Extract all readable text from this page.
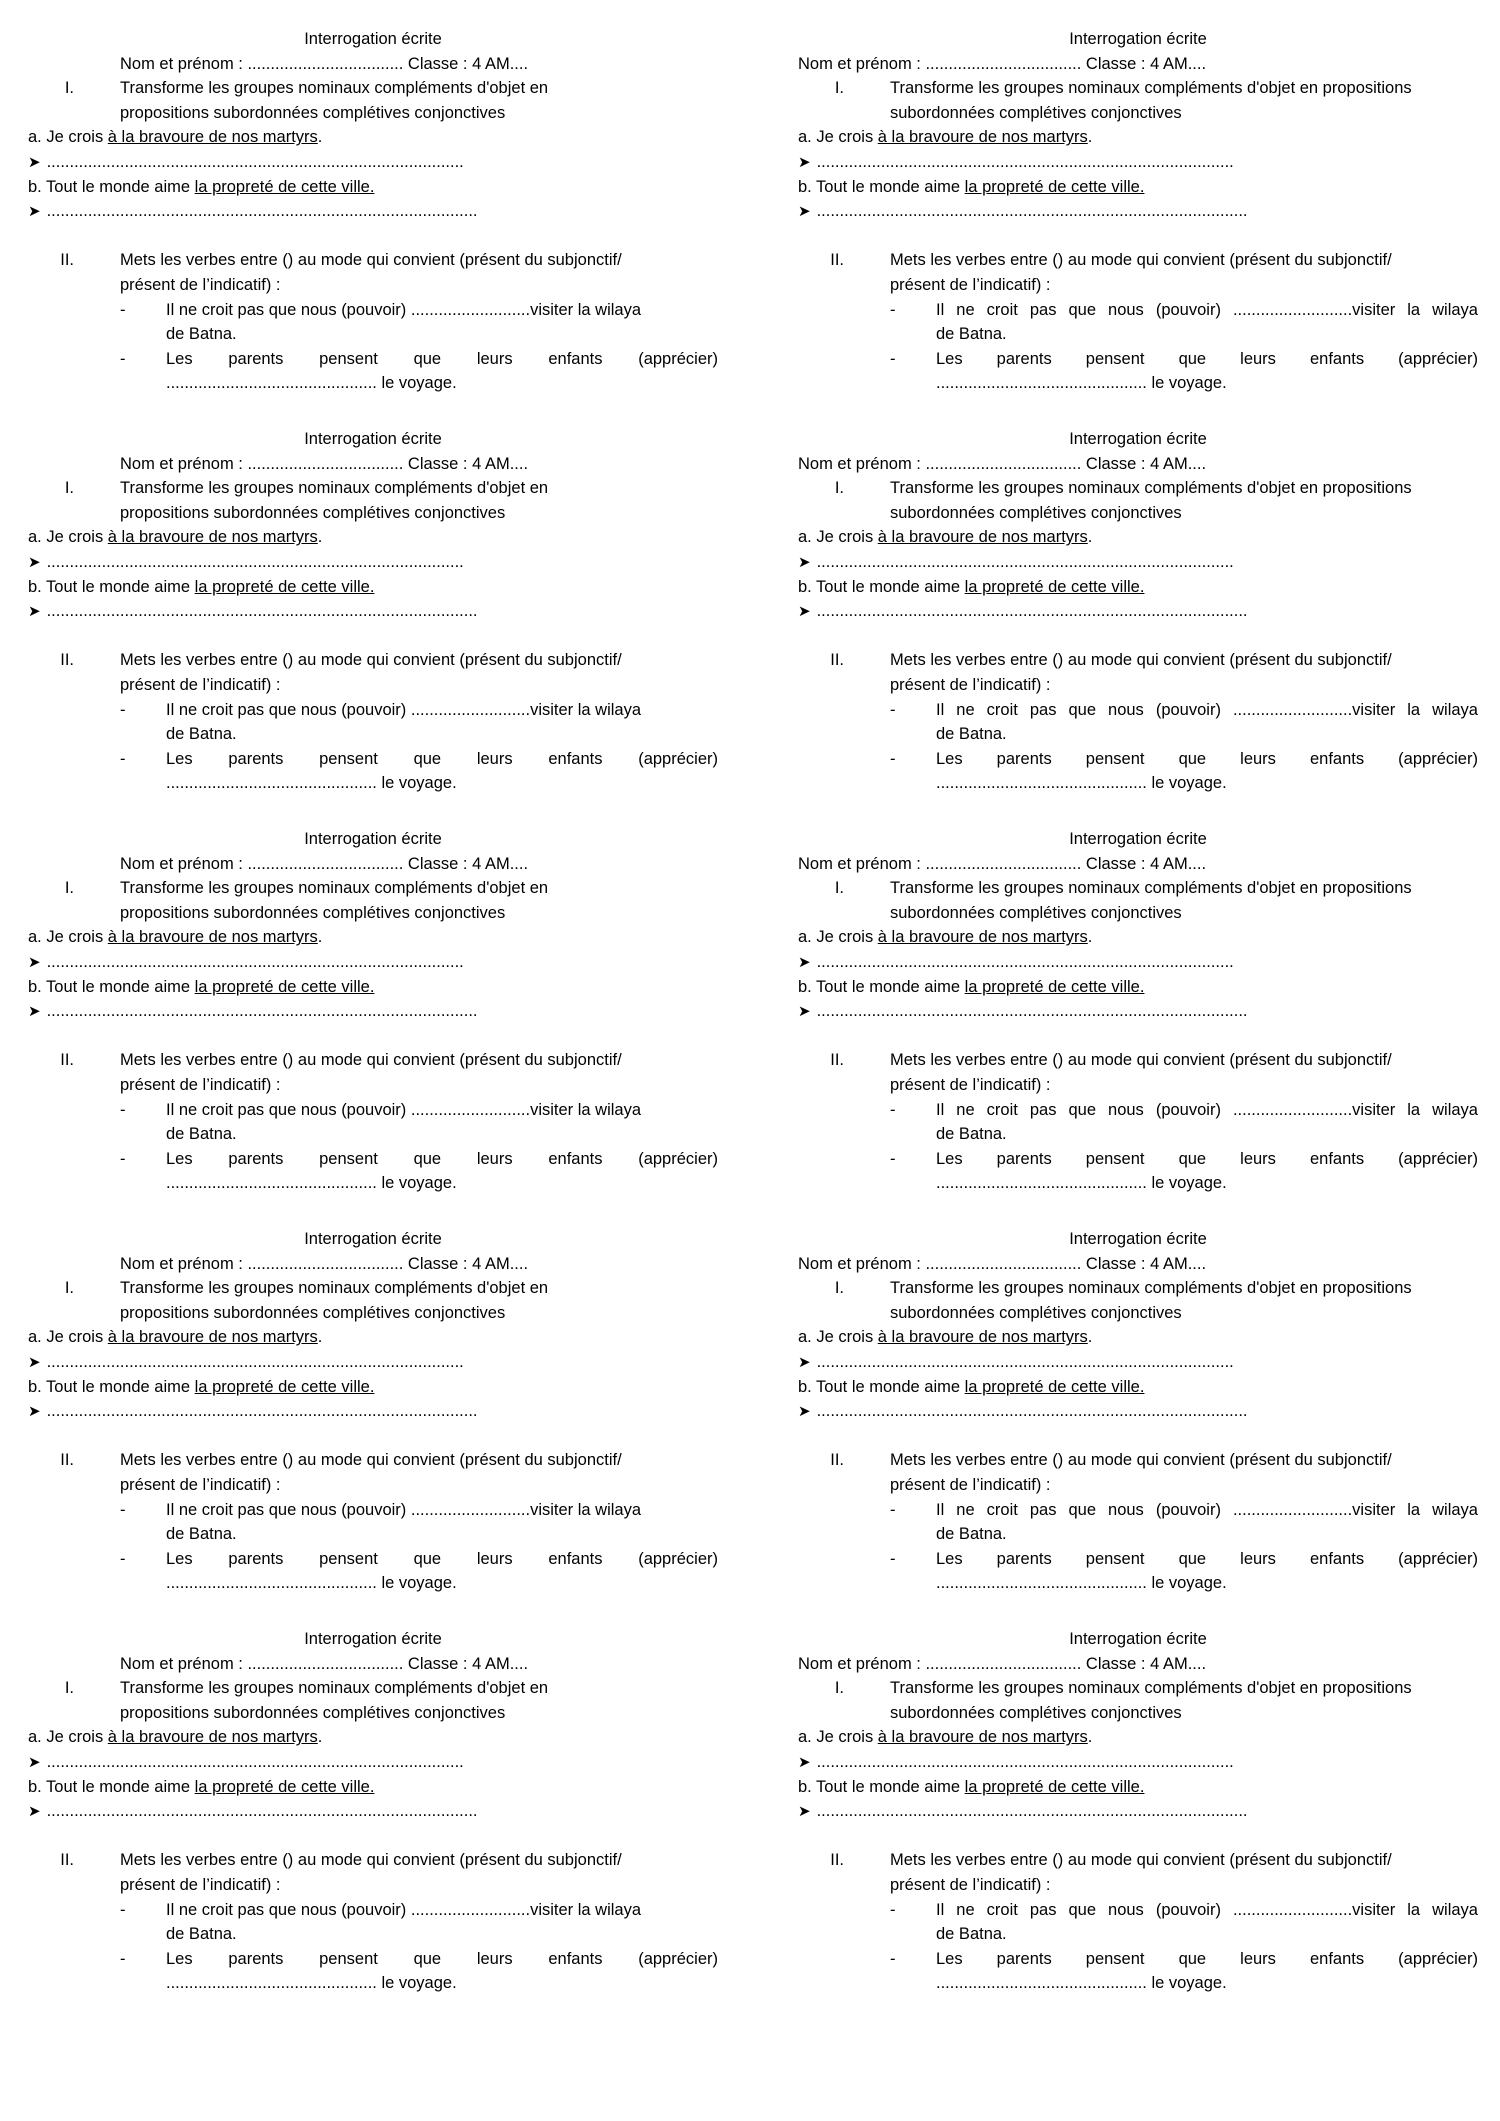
Interrogation écrite
Nom et prénom : .................................. Classe : 4 AM....
I.	Transforme les groupes nominaux compléments d'objet en
propositions subordonnées complétives conjonctives
a. Je crois à la bravoure de nos martyrs.
➤ ...........................................................................................
b. Tout le monde aime la propreté de cette ville.
➤ ..............................................................................................
II.	Mets les verbes entre () au mode qui convient (présent du subjonctif/
présent de l’indicatif) :
- Il ne croit pas que nous (pouvoir) ..........................visiter la wilaya
de Batna.
- Les parents pensent que leurs enfants (apprécier)
.............................................. le voyage.
Interrogation écrite
Nom et prénom : .................................. Classe : 4 AM....
I.	Transforme les groupes nominaux compléments d'objet en
propositions subordonnées complétives conjonctives
a. Je crois à la bravoure de nos martyrs.
➤ ...........................................................................................
b. Tout le monde aime la propreté de cette ville.
➤ ..............................................................................................
II.	Mets les verbes entre () au mode qui convient (présent du subjonctif/
présent de l’indicatif) :
- Il ne croit pas que nous (pouvoir) ..........................visiter la wilaya
de Batna.
- Les parents pensent que leurs enfants (apprécier)
.............................................. le voyage.
Interrogation écrite
Nom et prénom : .................................. Classe : 4 AM....
I.	Transforme les groupes nominaux compléments d'objet en
propositions subordonnées complétives conjonctives
a. Je crois à la bravoure de nos martyrs.
➤ ...........................................................................................
b. Tout le monde aime la propreté de cette ville.
➤ ..............................................................................................
II.	Mets les verbes entre () au mode qui convient (présent du subjonctif/
présent de l’indicatif) :
- Il ne croit pas que nous (pouvoir) ..........................visiter la wilaya
de Batna.
- Les parents pensent que leurs enfants (apprécier)
.............................................. le voyage.
Interrogation écrite
Nom et prénom : .................................. Classe : 4 AM....
I.	Transforme les groupes nominaux compléments d'objet en
propositions subordonnées complétives conjonctives
a. Je crois à la bravoure de nos martyrs.
➤ ...........................................................................................
b. Tout le monde aime la propreté de cette ville.
➤ ..............................................................................................
II.	Mets les verbes entre () au mode qui convient (présent du subjonctif/
présent de l’indicatif) :
- Il ne croit pas que nous (pouvoir) ..........................visiter la wilaya
de Batna.
- Les parents pensent que leurs enfants (apprécier)
.............................................. le voyage.
Interrogation écrite
Nom et prénom : .................................. Classe : 4 AM....
I.	Transforme les groupes nominaux compléments d'objet en
propositions subordonnées complétives conjonctives
a. Je crois à la bravoure de nos martyrs.
➤ ...........................................................................................
b. Tout le monde aime la propreté de cette ville.
➤ ..............................................................................................
II.	Mets les verbes entre () au mode qui convient (présent du subjonctif/
présent de l’indicatif) :
- Il ne croit pas que nous (pouvoir) ..........................visiter la wilaya
de Batna.
- Les parents pensent que leurs enfants (apprécier)
.............................................. le voyage.
Interrogation écrite
Nom et prénom : .................................. Classe : 4 AM....
I.	Transforme les groupes nominaux compléments d'objet en propositions
subordonnées complétives conjonctives
a. Je crois à la bravoure de nos martyrs.
➤ ...........................................................................................
b. Tout le monde aime la propreté de cette ville.
➤ ..............................................................................................
II.	Mets les verbes entre () au mode qui convient (présent du subjonctif/
présent de l’indicatif) :
- Il ne croit pas que nous (pouvoir) ..........................visiter la wilaya
de Batna.
- Les parents pensent que leurs enfants (apprécier)
.............................................. le voyage.
Interrogation écrite
Nom et prénom : .................................. Classe : 4 AM....
I.	Transforme les groupes nominaux compléments d'objet en propositions
subordonnées complétives conjonctives
a. Je crois à la bravoure de nos martyrs.
➤ ...........................................................................................
b. Tout le monde aime la propreté de cette ville.
➤ ..............................................................................................
II.	Mets les verbes entre () au mode qui convient (présent du subjonctif/
présent de l’indicatif) :
- Il ne croit pas que nous (pouvoir) ..........................visiter la wilaya
de Batna.
- Les parents pensent que leurs enfants (apprécier)
.............................................. le voyage.
Interrogation écrite
Nom et prénom : .................................. Classe : 4 AM....
I.	Transforme les groupes nominaux compléments d'objet en propositions
subordonnées complétives conjonctives
a. Je crois à la bravoure de nos martyrs.
➤ ...........................................................................................
b. Tout le monde aime la propreté de cette ville.
➤ ..............................................................................................
II.	Mets les verbes entre () au mode qui convient (présent du subjonctif/
présent de l’indicatif) :
- Il ne croit pas que nous (pouvoir) ..........................visiter la wilaya
de Batna.
- Les parents pensent que leurs enfants (apprécier)
.............................................. le voyage.
Interrogation écrite
Nom et prénom : .................................. Classe : 4 AM....
I.	Transforme les groupes nominaux compléments d'objet en propositions
subordonnées complétives conjonctives
a. Je crois à la bravoure de nos martyrs.
➤ ...........................................................................................
b. Tout le monde aime la propreté de cette ville.
➤ ..............................................................................................
II.	Mets les verbes entre () au mode qui convient (présent du subjonctif/
présent de l’indicatif) :
- Il ne croit pas que nous (pouvoir) ..........................visiter la wilaya
de Batna.
- Les parents pensent que leurs enfants (apprécier)
.............................................. le voyage.
Interrogation écrite
Nom et prénom : .................................. Classe : 4 AM....
I.	Transforme les groupes nominaux compléments d'objet en propositions
subordonnées complétives conjonctives
a. Je crois à la bravoure de nos martyrs.
➤ ...........................................................................................
b. Tout le monde aime la propreté de cette ville.
➤ ..............................................................................................
II.	Mets les verbes entre () au mode qui convient (présent du subjonctif/
présent de l’indicatif) :
- Il ne croit pas que nous (pouvoir) ..........................visiter la wilaya
de Batna.
- Les parents pensent que leurs enfants (apprécier)
.............................................. le voyage.
